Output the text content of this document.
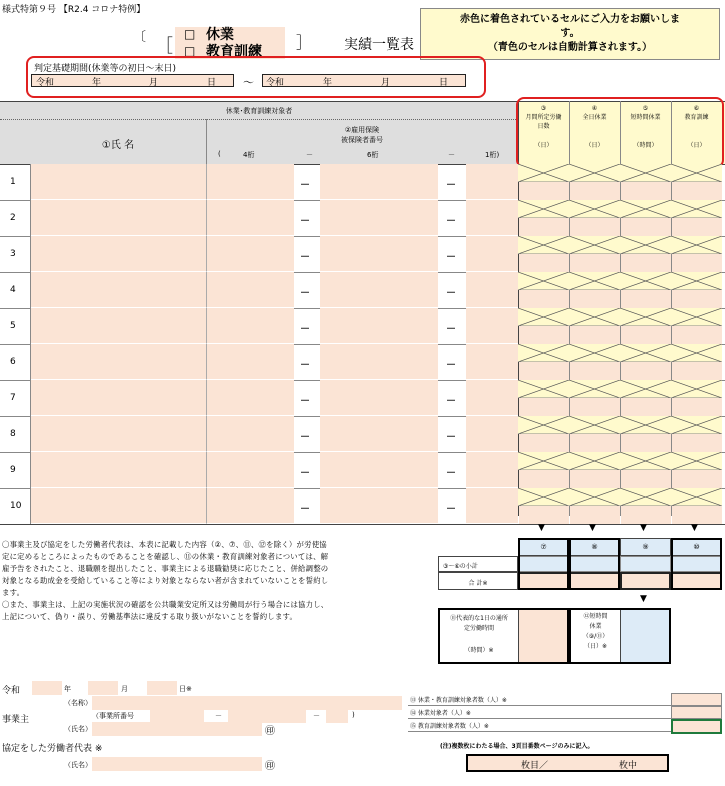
様式特第９号 【R2.4 コロナ特例】
〔 ［
□ 休業
□ 教育訓練 ］ 実績一覧表
赤色に着色されているセルにご入力をお願いしま
す。
（青色のセルは自動計算されます。）
判定基礎期間(休業等の初日～末日)
令和	年	月	日 ～ 令和	年	月	日
休業･教育訓練対象者
①氏 名
②雇用保険
被保険者番号
(	4桁	－	6桁	－	1桁)
③
月間所定労働
日数
（日）
④
全日休業
（日）
⑤
短時間休業
（時間）
⑥
教育訓練
（日）
1	－	－
2	－	－
3	－	－
4	－	－
5	－	－
6	－	－
7	－	－
8	－	－
9	－	－
10	－	－
▼	▼	▼	▼
⑦	⑧	⑨	⑩
③～⑥の小計
合 計※
▼
⑪代表的な1日の通所
定労働時間
（時間）※
⑫短時間
休業
（⑨/⑪）
（日）※
〇事業主及び協定をした労働者代表は、本表に記載した内容（②、⑦、⑪、⑫を除く）が労使協
定に定めるところによったものであることを確認し、⑪の休業・教育訓練対象者については、解
雇予告をされたこと、退職願を提出したこと、事業主による退職勧奨に応じたこと、併給調整の
対象となる助成金を受給していること等により対象とならない者が含まれていないことを誓約し
ます。
〇また、事業主は、上記の実施状況の確認を公共職業安定所又は労働局が行う場合には協力し、
上記について、偽り・誤り、労働基準法に違反する取り扱いがないことを誓約します。
令和	年	月	日※
（名称）
事業主	（事業所番号	－	－	)
（氏名）	㊞
協定をした労働者代表 ※
（氏名）	㊞
⑬ 休業・教育訓練対象者数（人）※
⑭ 休業対象者（人）※
⑮ 教育訓練対象者数（人）※
(注)複数枚にわたる場合、3頁目番数ページのみに記入。
枚目／	枚中
